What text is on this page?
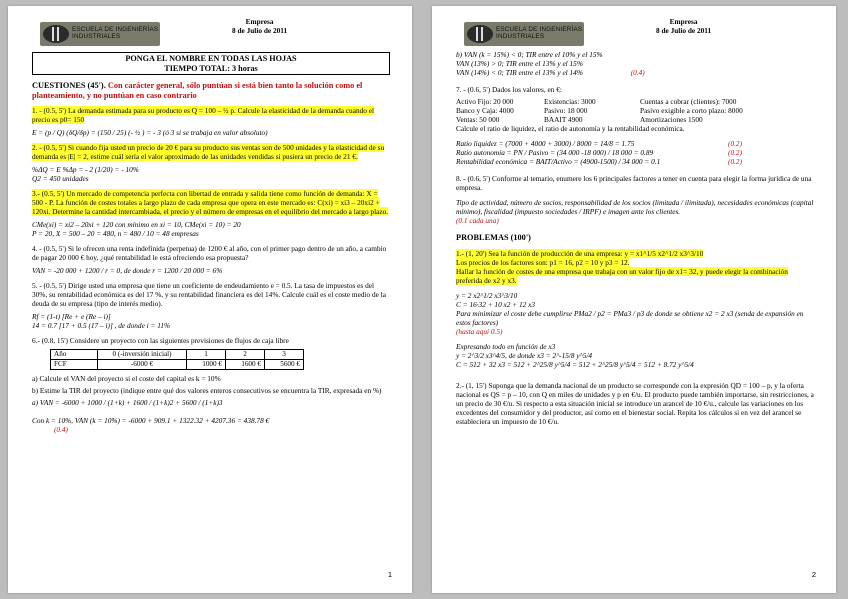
ESCUELA DE INGENIERÍAS
INDUSTRIALES
Empresa
8 de Julio de 2011
PONGA EL NOMBRE EN TODAS LAS HOJAS
TIEMPO TOTAL: 3 horas
CUESTIONES (45'). Con carácter general, sólo puntúan si está bien tanto la solución como el planteamiento, y no puntúan en caso contrario
1. - (0.5, 5') La demanda estimada para su producto es Q = 100 – ½ p. Calcule la elasticidad de la demanda cuando el precio es p0= 150
E = (p / Q) (δQ/δp) = (150 / 25) (- ½ ) = - 3 (ó 3 si se trabaja en valor absoluto)
2. - (0.5, 5') Si cuando fija usted un precio de 20 € para su producto sus ventas son de 500 unidades y la elasticidad de su demanda es |E| = 2, estime cuál sería el valor aproximado de las unidades vendidas si pusiera un precio de 21 €.
%ΔQ = E %Δp = - 2 (1/20) = - 10%
Q2 = 450 unidades
3.- (0.5, 5') Un mercado de competencia perfecta con libertad de entrada y salida tiene como función de demanda: X = 500 - P. La función de costes totales a largo plazo de cada empresa que opera en este mercado es: C(xi) = xi3 – 20xi2 + 120xi. Determine la cantidad intercambiada, el precio y el número de empresas en el equilibrio del mercado a largo plazo.
CMe(xi) = xi2 – 20xi + 120 con mínimo en xi = 10, CMe(xi = 10) = 20
P = 20, X = 500 – 20 = 480, n = 480 / 10 = 48 empresas
4. - (0.5, 5') Si le ofrecen una renta indefinida (perpetua) de 1200 € al año, con el primer pago dentro de un año, a cambio de pagar 20 000 € hoy, ¿qué rentabilidad le está ofreciendo esa propuesta?
VAN = -20 000 + 1200 / r = 0, de donde r = 1200 / 20 000 = 6%
5. - (0.5, 5') Dirige usted una empresa que tiene un coeficiente de endeudamiento e = 0.5. La tasa de impuestos es del 30%, su rentabilidad económica es del 17 %, y su rentabilidad financiera es del 14%. Calcule cuál es el coste medio de la deuda de su empresa (tipo de interés medio).
Rf = (1-t) [Re + e (Re – i)]
14 = 0.7 [17 + 0.5 (17 – i)] , de donde i = 11%
6.- (0.8, 15') Considere un proyecto con las siguientes previsiones de flujos de caja libre
Año	0 (-inversión inicial)	1	2	3
FCF	-6000 €	1000 €	1600 €	5600 €
a) Calcule el VAN del proyecto si el coste del capital es k = 10%
b) Estime la TIR del proyecto (indique entre qué dos valores enteros consecutivos se encuentra la TIR, expresada en %)
a) VAN = -6000 + 1000 / (1+k) + 1600 / (1+k)2 + 5600 / (1+k)3

Con k = 10%, VAN (k = 10%) = -6000 + 909.1 + 1322.32 + 4207.36 = 438.78 €
(0.4)

1
ESCUELA DE INGENIERÍAS
INDUSTRIALES
Empresa
8 de Julio de 2011
b) VAN (k = 15%) < 0; TIR entre el 10% y el 15%
VAN (13%) > 0; TIR entre el 13% y el 15%
VAN (14%) < 0; TIR entre el 13% y el 14%	(0.4)
7. - (0.6, 5') Dados los valores, en €:
Activo Fijo: 20 000	Existencias: 3000	Cuentas a cobrar (clientes): 7000
Banco y Caja: 4000	Pasivo: 18 000	Pasivo exigible a corto plazo: 8000
Ventas: 50 000	BAAIT 4900	Amortizaciones 1500
Calcule el ratio de liquidez, el ratio de autonomía y la rentabilidad económica.
Ratio liquidez = (7000 + 4000 + 3000) / 8000 = 14/8 = 1.75	(0.2)
Ratio autonomía = PN / Pasivo = (34 000 -18 000) / 18 000 = 0.89	(0.2)
Rentabilidad económica = BAIT/Activo = (4900-1500) / 34 000 = 0.1	(0.2)
8. - (0.6, 5') Conforme al temario, enumere los 6 principales factores a tener en cuenta para elegir la forma jurídica de una empresa.
Tipo de actividad, número de socios, responsabilidad de los socios (limitada / ilimitada), necesidades económicas (capital mínimo), fiscalidad (impuesto sociedades / IRPF) e imagen ante los clientes.
(0.1 cada una)
PROBLEMAS (100')
1.- (1, 20') Sea la función de producción de una empresa: y = x1^1/5 x2^1/2 x3^3/10
Los precios de los factores son: p1 = 16, p2 = 10 y p3 = 12.
Hallar la función de costes de una empresa que trabaja con un valor fijo de x1= 32, y puede elegir la combinación preferida de x2 y x3.
y = 2 x2^1/2 x3^3/10
C = 16·32 + 10 x2 + 12 x3
Para minimizar el coste debe cumplirse PMa2 / p2 = PMa3 / p3 de donde se obtiene x2 = 2 x3 (senda de expansión en estos factores)
(hasta aquí 0.5)
Expresando todo en función de x3
y = 2^3/2 x3^4/5, de donde x3 = 2^-15/8 y^5/4
C = 512 + 32 x3 = 512 + 2^25/8 y^5/4 = 512 + 2^25/8 y^5/4 = 512 + 8.72 y^5/4
2.- (1, 15') Suponga que la demanda nacional de un producto se corresponde con la expresión QD = 100 – p, y la oferta nacional es QS = p – 10, con Q en miles de unidades y p en €/u. El producto puede también importarse, sin restricciones, a un precio de 30 €/u. Si respecto a esta situación inicial se introduce un arancel de 10 €/u., calcule las variaciones en los excedentes del consumidor y del productor, así como en el bienestar social. Repita los cálculos si en vez del arancel se estableciera un impuesto de 10 €/u.
2
